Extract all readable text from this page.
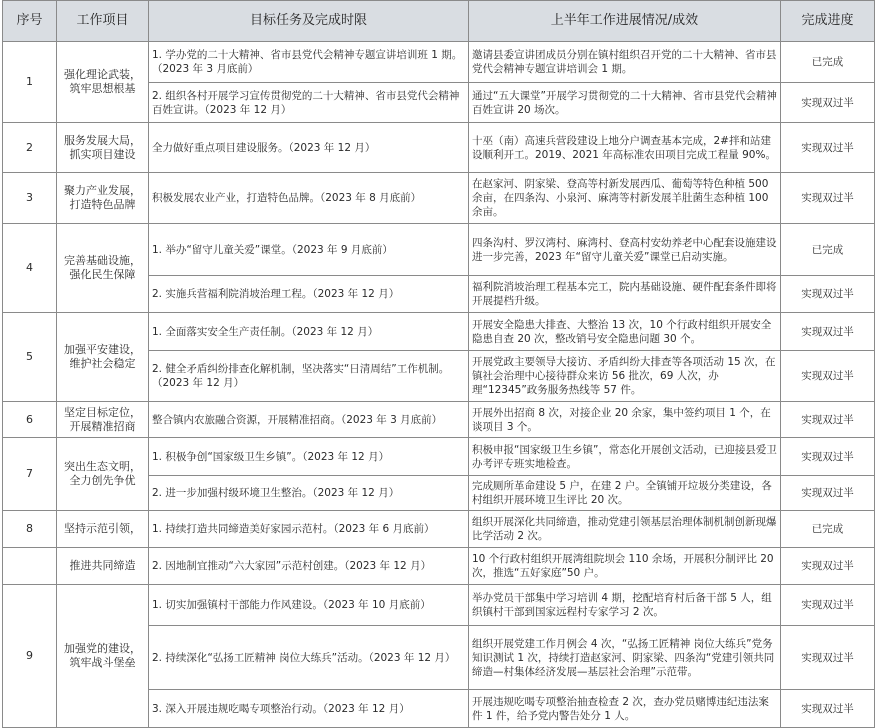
序号	工作项目	目标任务及完成时限	上半年工作进展情况/成效	完成进度
1	强化理论武装，筑牢思想根基	1. 学办党的二十大精神、省市县党代会精神专题宣讲培训班 1 期。（2023 年 3 月底前）	邀请县委宣讲团成员分别在镇村组织召开党的二十大精神、省市县党代会精神专题宣讲培训会 1 期。	已完成
		2. 组织各村开展学习宣传贯彻党的二十大精神、省市县党代会精神百姓宣讲。（2023 年 12 月）	通过“五大课堂”开展学习贯彻党的二十大精神、省市县党代会精神百姓宣讲 20 场次。	实现双过半
2	服务发展大局，抓实项目建设	全力做好重点项目建设服务。（2023 年 12 月）	十巫（南）高速兵营段建设上地分户调查基本完成，2#拌和站建设顺利开工。2019、2021 年高标准农田项目完成工程量 90%。	实现双过半
3	聚力产业发展，打造特色品牌	积极发展农业产业，打造特色品牌。（2023 年 8 月底前）	在赵家河、阴家梁、登高等村新发展西瓜、葡萄等特色种植 500 余亩，在四条沟、小泉河、麻湾等村新发展羊肚菌生态种植 100 余亩。	实现双过半
4	完善基础设施，强化民生保障	1. 举办“留守儿童关爱”课堂。（2023 年 9 月底前）	四条沟村、罗汉湾村、麻湾村、登高村安幼养老中心配套设施建设进一步完善，2023 年“留守儿童关爱”课堂已启动实施。	已完成
		2. 实施兵营福利院消坡治理工程。（2023 年 12 月）	福利院消坡治理工程基本完工，院内基础设施、硬件配套条件即将开展提档升级。	实现双过半
5	加强平安建设，维护社会稳定	1. 全面落实安全生产责任制。（2023 年 12 月）	开展安全隐患大排查、大整治 13 次，10 个行政村组织开展安全隐患自查 20 次，整改销号安全隐患问题 30 个。	实现双过半
		2. 健全矛盾纠纷排查化解机制，坚决落实“日清周结”工作机制。（2023 年 12 月）	开展党政主要领导大接访、矛盾纠纷大排查等各项活动 15 次，在镇社会治理中心接待群众来访 56 批次，69 人次，办理“12345”政务服务热线等 57 件。	实现双过半
6	坚定目标定位，开展精准招商	整合镇内农旅融合资源，开展精准招商。（2023 年 3 月底前）	开展外出招商 8 次，对接企业 20 余家，集中签约项目 1 个，在谈项目 3 个。	实现双过半
7	突出生态文明，全力创先争优	1. 积极争创“国家级卫生乡镇”。（2023 年 12 月）	积极申报“国家级卫生乡镇”，常态化开展创文活动，已迎接县爱卫办考评专班实地检查。	实现双过半
		2. 进一步加强村级环境卫生整治。（2023 年 12 月）	完成厕所革命建设 5 户，在建 2 户。全镇铺开垃圾分类建设，各村组织开展环境卫生评比 20 次。	实现双过半
8	坚持示范引领，	1. 持续打造共同缔造美好家园示范村。（2023 年 6 月底前）	组织开展深化共同缔造，推动党建引领基层治理体制机制创新现爆比学活动 2 次。	已完成
	推进共同缔造	2. 因地制宜推动“六大家园”示范村创建。（2023 年 12 月）	10 个行政村组织开展湾组院坝会 110 余场，开展积分制评比 20 次，推选“五好家庭”50 户。	实现双过半
9	加强党的建设，筑牢战斗堡垒	1. 切实加强镇村干部能力作风建设。（2023 年 10 月底前）	举办党员干部集中学习培训 4 期，挖配培育村后备干部 5 人，组织镇村干部到国家远程村专家学习 2 次。	实现双过半
		2. 持续深化“弘扬工匠精神 岗位大练兵”活动。（2023 年 12 月）	组织开展党建工作月例会 4 次，“弘扬工匠精神 岗位大练兵”党务知识测试 1 次，持续打造赵家河、阴家梁、四条沟“党建引领共同缔造—村集体经济发展—基层社会治理”示范带。	实现双过半
		3. 深入开展违规吃喝专项整治行动。（2023 年 12 月）	开展违规吃喝专项整治抽查检查 2 次，查办党员赌博违纪违法案件 1 件，给予党内警告处分 1 人。	实现双过半
